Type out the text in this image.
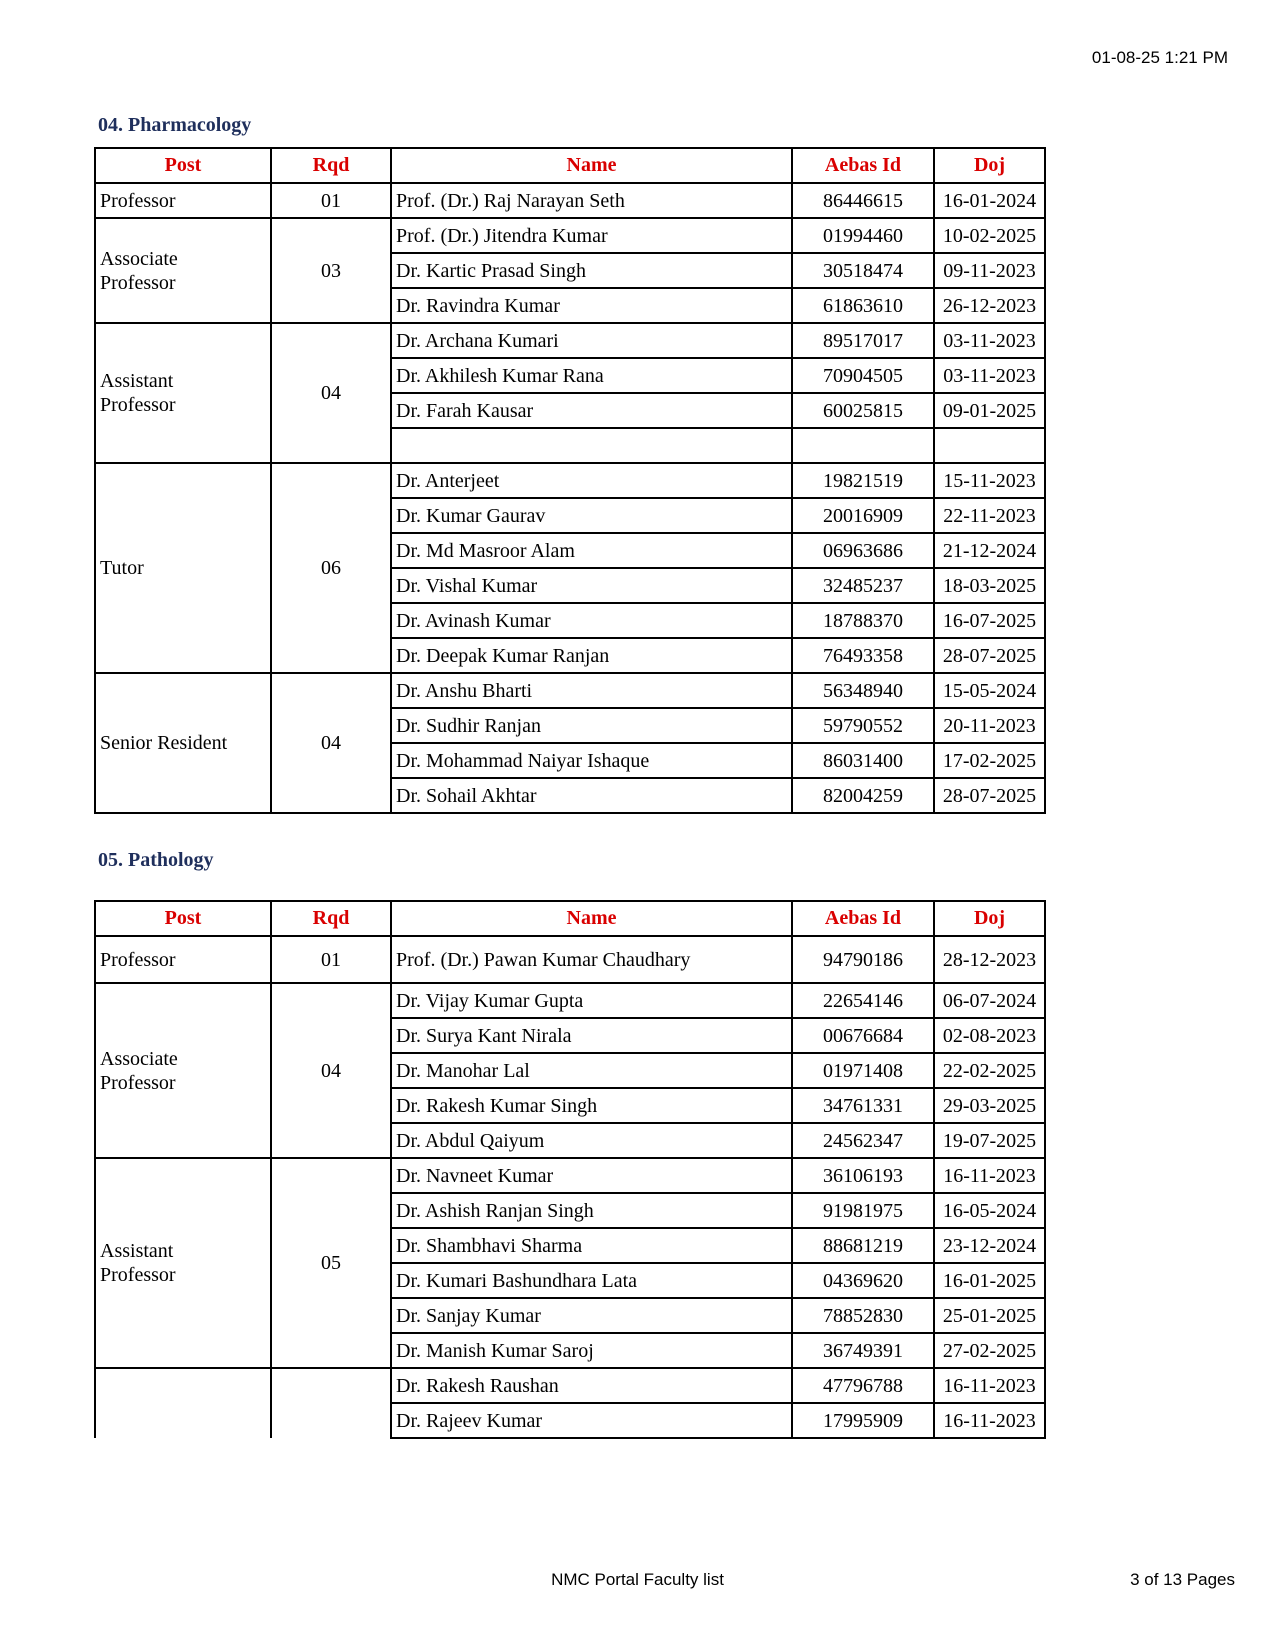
01-08-25 1:21 PM
04. Pharmacology
Post	Rqd	Name	Aebas Id	Doj
Professor	01	Prof. (Dr.) Raj Narayan Seth	86446615	16-01-2024
Associate Professor	03	Prof. (Dr.) Jitendra Kumar	01994460	10-02-2025
		Dr. Kartic Prasad Singh	30518474	09-11-2023
		Dr. Ravindra Kumar	61863610	26-12-2023
Assistant Professor	04	Dr. Archana Kumari	89517017	03-11-2023
		Dr. Akhilesh Kumar Rana	70904505	03-11-2023
		Dr. Farah Kausar	60025815	09-01-2025

Tutor	06	Dr. Anterjeet	19821519	15-11-2023
		Dr. Kumar Gaurav	20016909	22-11-2023
		Dr. Md Masroor Alam	06963686	21-12-2024
		Dr. Vishal Kumar	32485237	18-03-2025
		Dr. Avinash Kumar	18788370	16-07-2025
		Dr. Deepak Kumar Ranjan	76493358	28-07-2025
Senior Resident	04	Dr. Anshu Bharti	56348940	15-05-2024
		Dr. Sudhir Ranjan	59790552	20-11-2023
		Dr. Mohammad Naiyar Ishaque	86031400	17-02-2025
		Dr. Sohail Akhtar	82004259	28-07-2025
05. Pathology
Post	Rqd	Name	Aebas Id	Doj
Professor	01	Prof. (Dr.) Pawan Kumar Chaudhary	94790186	28-12-2023
Associate Professor	04	Dr. Vijay Kumar Gupta	22654146	06-07-2024
		Dr. Surya Kant Nirala	00676684	02-08-2023
		Dr. Manohar Lal	01971408	22-02-2025
		Dr. Rakesh Kumar Singh	34761331	29-03-2025
		Dr. Abdul Qaiyum	24562347	19-07-2025
Assistant Professor	05	Dr. Navneet Kumar	36106193	16-11-2023
		Dr. Ashish Ranjan Singh	91981975	16-05-2024
		Dr. Shambhavi Sharma	88681219	23-12-2024
		Dr. Kumari Bashundhara Lata	04369620	16-01-2025
		Dr. Sanjay Kumar	78852830	25-01-2025
		Dr. Manish Kumar Saroj	36749391	27-02-2025
		Dr. Rakesh Raushan	47796788	16-11-2023
		Dr. Rajeev Kumar	17995909	16-11-2023
NMC Portal Faculty list	3 of 13 Pages
